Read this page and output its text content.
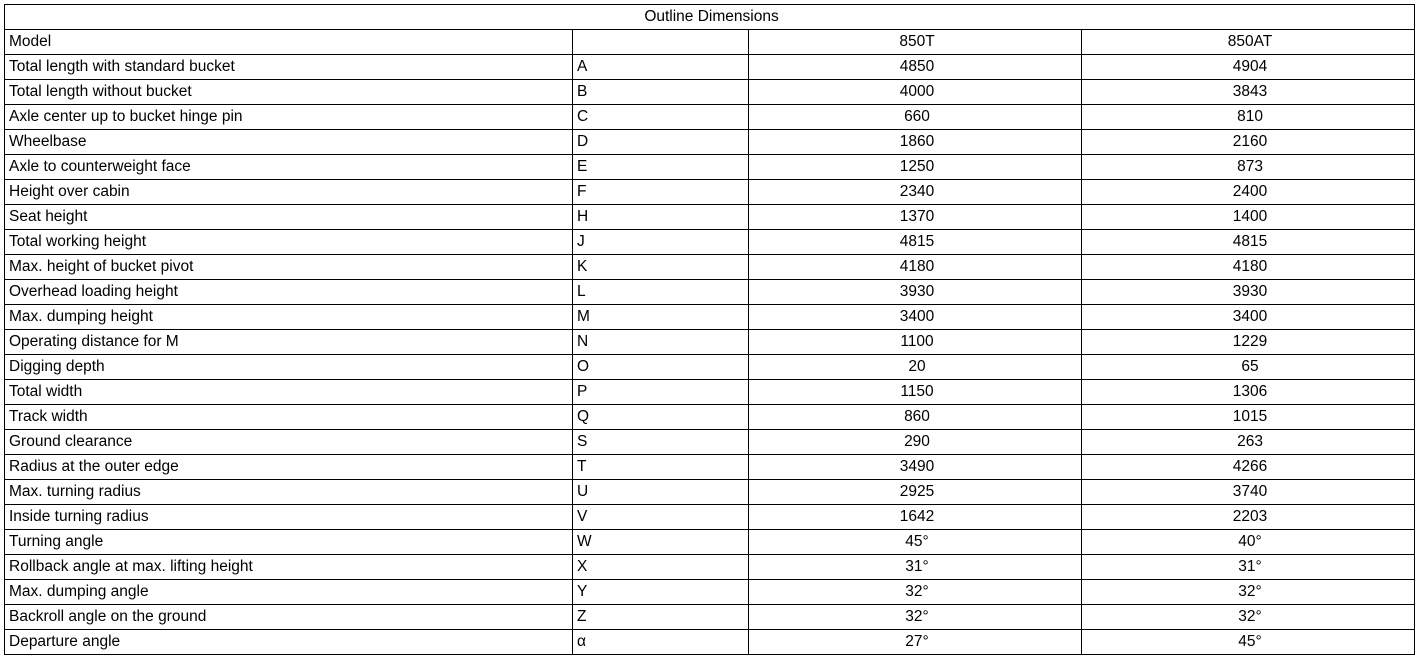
Outline Dimensions			
Model		850T	850AT
Total length with standard bucket	A	4850	4904
Total length without bucket	B	4000	3843
Axle center up to bucket hinge pin	C	660	810
Wheelbase	D	1860	2160
Axle to counterweight face	E	1250	873
Height over cabin	F	2340	2400
Seat height	H	1370	1400
Total working height	J	4815	4815
Max. height of bucket pivot	K	4180	4180
Overhead loading height	L	3930	3930
Max. dumping height	M	3400	3400
Operating distance for M	N	1100	1229
Digging depth	O	20	65
Total width	P	1150	1306
Track width	Q	860	1015
Ground clearance	S	290	263
Radius at the outer edge	T	3490	4266
Max. turning radius	U	2925	3740
Inside turning radius	V	1642	2203
Turning angle	W	45°	40°
Rollback angle at max. lifting height	X	31°	31°
Max. dumping angle	Y	32°	32°
Backroll angle on the ground	Z	32°	32°
Departure angle	α	27°	45°
